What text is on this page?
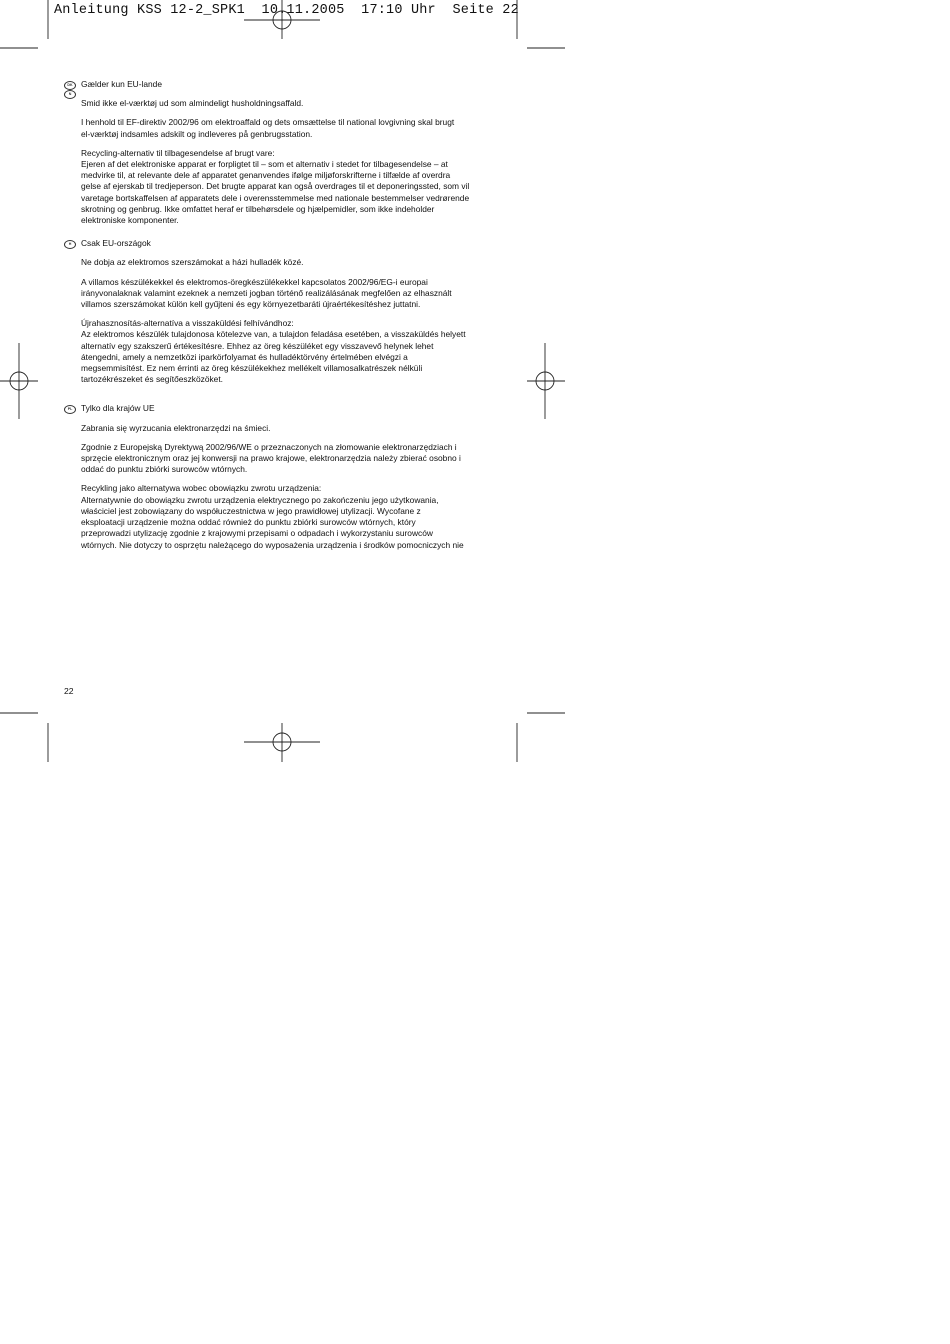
Anleitung KSS 12-2_SPK1  10.11.2005  17:10 Uhr  Seite 22
DK
N

Gælder kun EU-lande

Smid ikke el-værktøj ud som almindeligt husholdningsaffald.

I henhold til EF-direktiv 2002/96 om elektroaffald og dets omsættelse til national lovgivning skal brugt
el-værktøj indsamles adskilt og indleveres på genbrugsstation.

Recycling-alternativ til tilbagesendelse af brugt vare:
Ejeren af det elektroniske apparat er forpligtet til – som et alternativ i stedet for tilbagesendelse – at
medvirke til, at relevante dele af apparatet genanvendes ifølge miljøforskrifterne i tilfælde af overdra
gelse af ejerskab til tredjeperson. Det brugte apparat kan også overdrages til et deponeringssted, som vil
varetage bortskaffelsen af apparatets dele i overensstemmelse med nationale bestemmelser vedrørende
skrotning og genbrug. Ikke omfattet heraf er tilbehørsdele og hjælpemidler, som ikke indeholder
elektroniske komponenter.

H	Csak EU-országok

Ne dobja az elektromos szerszámokat a házi hulladék közé.

A villamos készülékekkel és elektromos-öregkészülékekkel kapcsolatos 2002/96/EG-i europai
irányvonalaknak valamint ezeknek a nemzeti jogban történő realizálásának megfelően az elhasznált
villamos szerszámokat külön kell gyűjteni és egy környezetbaráti újraértékesítéshez juttatni.

Újrahasznosítás-alternatíva a visszaküldési felhívándhoz:
Az elektromos készülék tulajdonosa kötelezve van, a tulajdon feladása esetében, a visszaküldés helyett
alternatív egy szakszerű értékesítésre. Ehhez az öreg készüléket egy visszavevő helynek lehet
átengedni, amely a nemzetközi iparkörfolyamat és hulladéktörvény értelmében elvégzi a
megsemmisítést. Ez nem érrinti az öreg készülékekhez mellékelt villamosalkatrészek nélküli
tartozékrészeket és segítőeszközöket.

PL	Tylko dla krajów UE

Zabrania się wyrzucania elektronarzędzi na śmieci.

Zgodnie z Europejską Dyrektywą 2002/96/WE o przeznaczonych na złomowanie elektronarzędziach i
sprzęcie elektronicznym oraz jej konwersji na prawo krajowe, elektronarzędzia należy zbierać osobno i
oddać do punktu zbiórki surowców wtórnych.

Recykling jako alternatywa wobec obowiązku zwrotu urządzenia:
Alternatywnie do obowiązku zwrotu urządzenia elektrycznego po zakończeniu jego użytkowania,
właściciel jest zobowiązany do współuczestnictwa w jego prawidłowej utylizacji. Wycofane z
eksploatacji urządzenie można oddać również do punktu zbiórki surowców wtórnych, który
przeprowadzi utylizację zgodnie z krajowymi przepisami o odpadach i wykorzystaniu surowców
wtórnych. Nie dotyczy to osprzętu należącego do wyposażenia urządzenia i środków pomocniczych nie

22
